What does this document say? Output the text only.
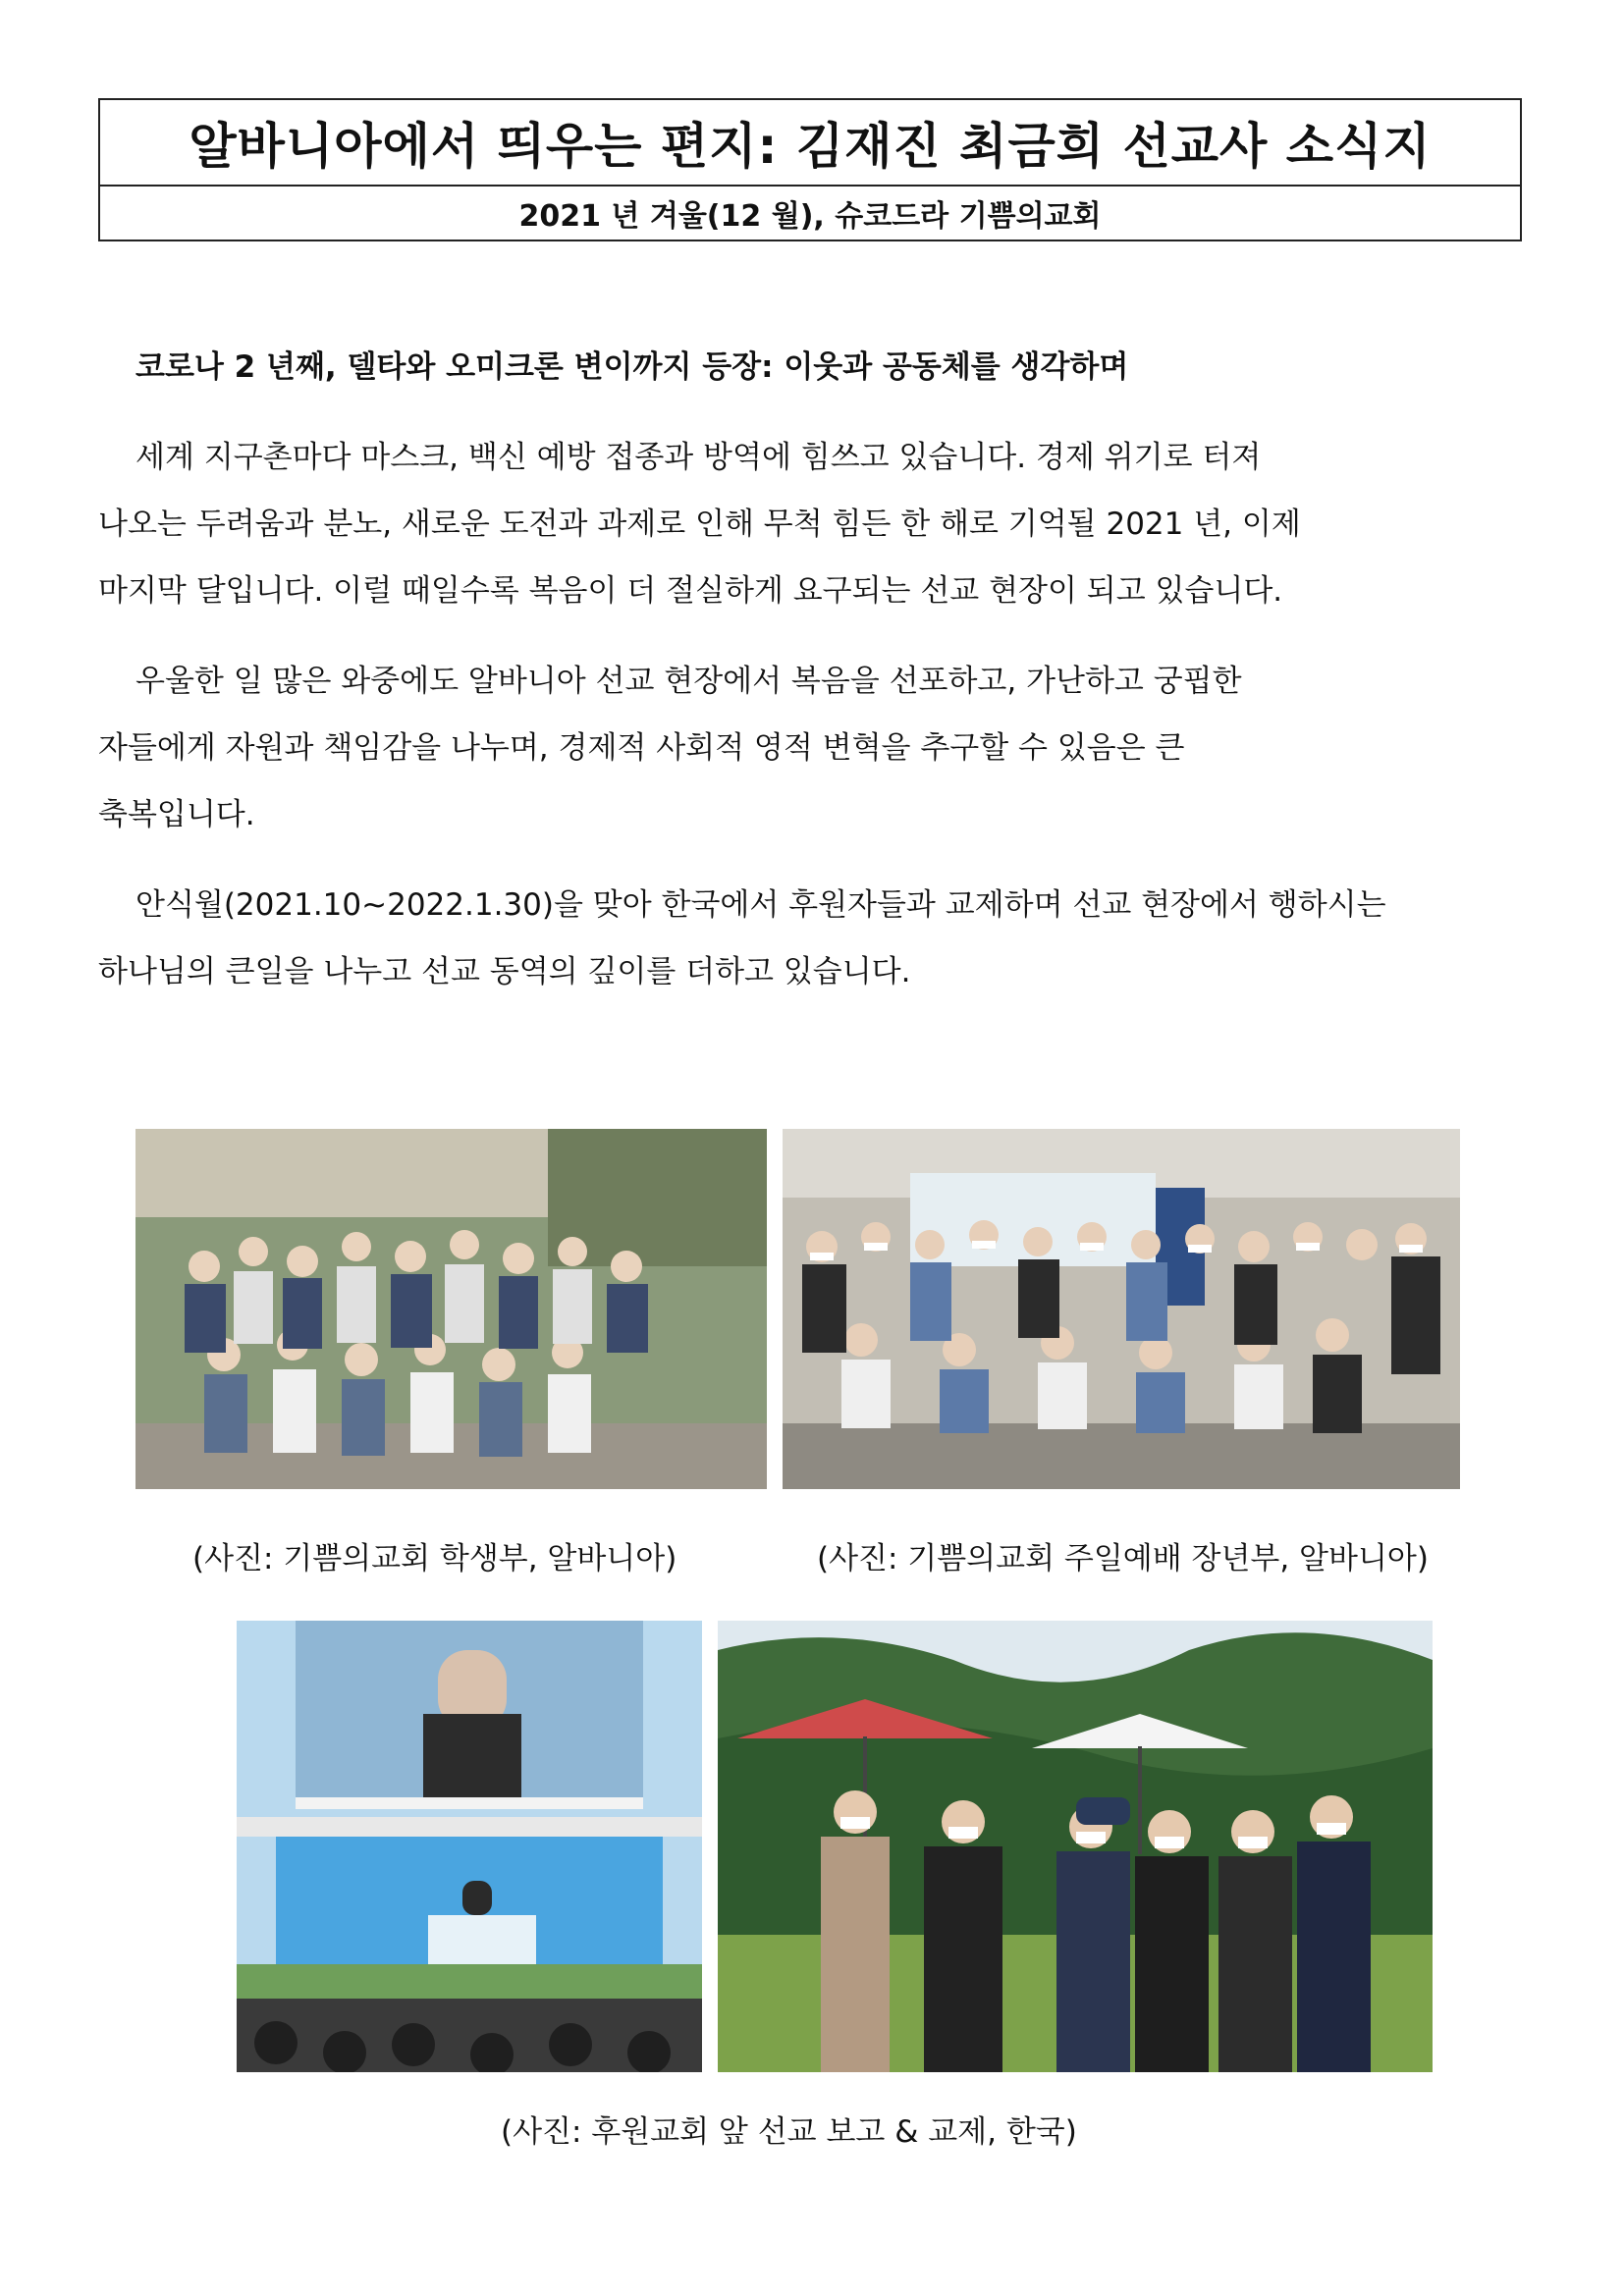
알바니아에서 띄우는 편지: 김재진 최금희 선교사 소식지
2021 년 겨울(12 월), 슈코드라 기쁨의교회
코로나 2 년째, 델타와 오미크론 변이까지 등장: 이웃과 공동체를 생각하며

세계 지구촌마다 마스크, 백신 예방 접종과 방역에 힘쓰고 있습니다. 경제 위기로 터져
나오는 두려움과 분노, 새로운 도전과 과제로 인해 무척 힘든 한 해로 기억될 2021 년, 이제
마지막 달입니다. 이럴 때일수록 복음이 더 절실하게 요구되는 선교 현장이 되고 있습니다.

우울한 일 많은 와중에도 알바니아 선교 현장에서 복음을 선포하고, 가난하고 궁핍한
자들에게 자원과 책임감을 나누며, 경제적 사회적 영적 변혁을 추구할 수 있음은 큰
축복입니다.

안식월(2021.10~2022.1.30)을 맞아 한국에서 후원자들과 교제하며 선교 현장에서 행하시는
하나님의 큰일을 나누고 선교 동역의 깊이를 더하고 있습니다.

(사진: 기쁨의교회 학생부, 알바니아)	(사진: 기쁨의교회 주일예배 장년부, 알바니아)
(사진: 후원교회 앞 선교 보고 & 교제, 한국)
